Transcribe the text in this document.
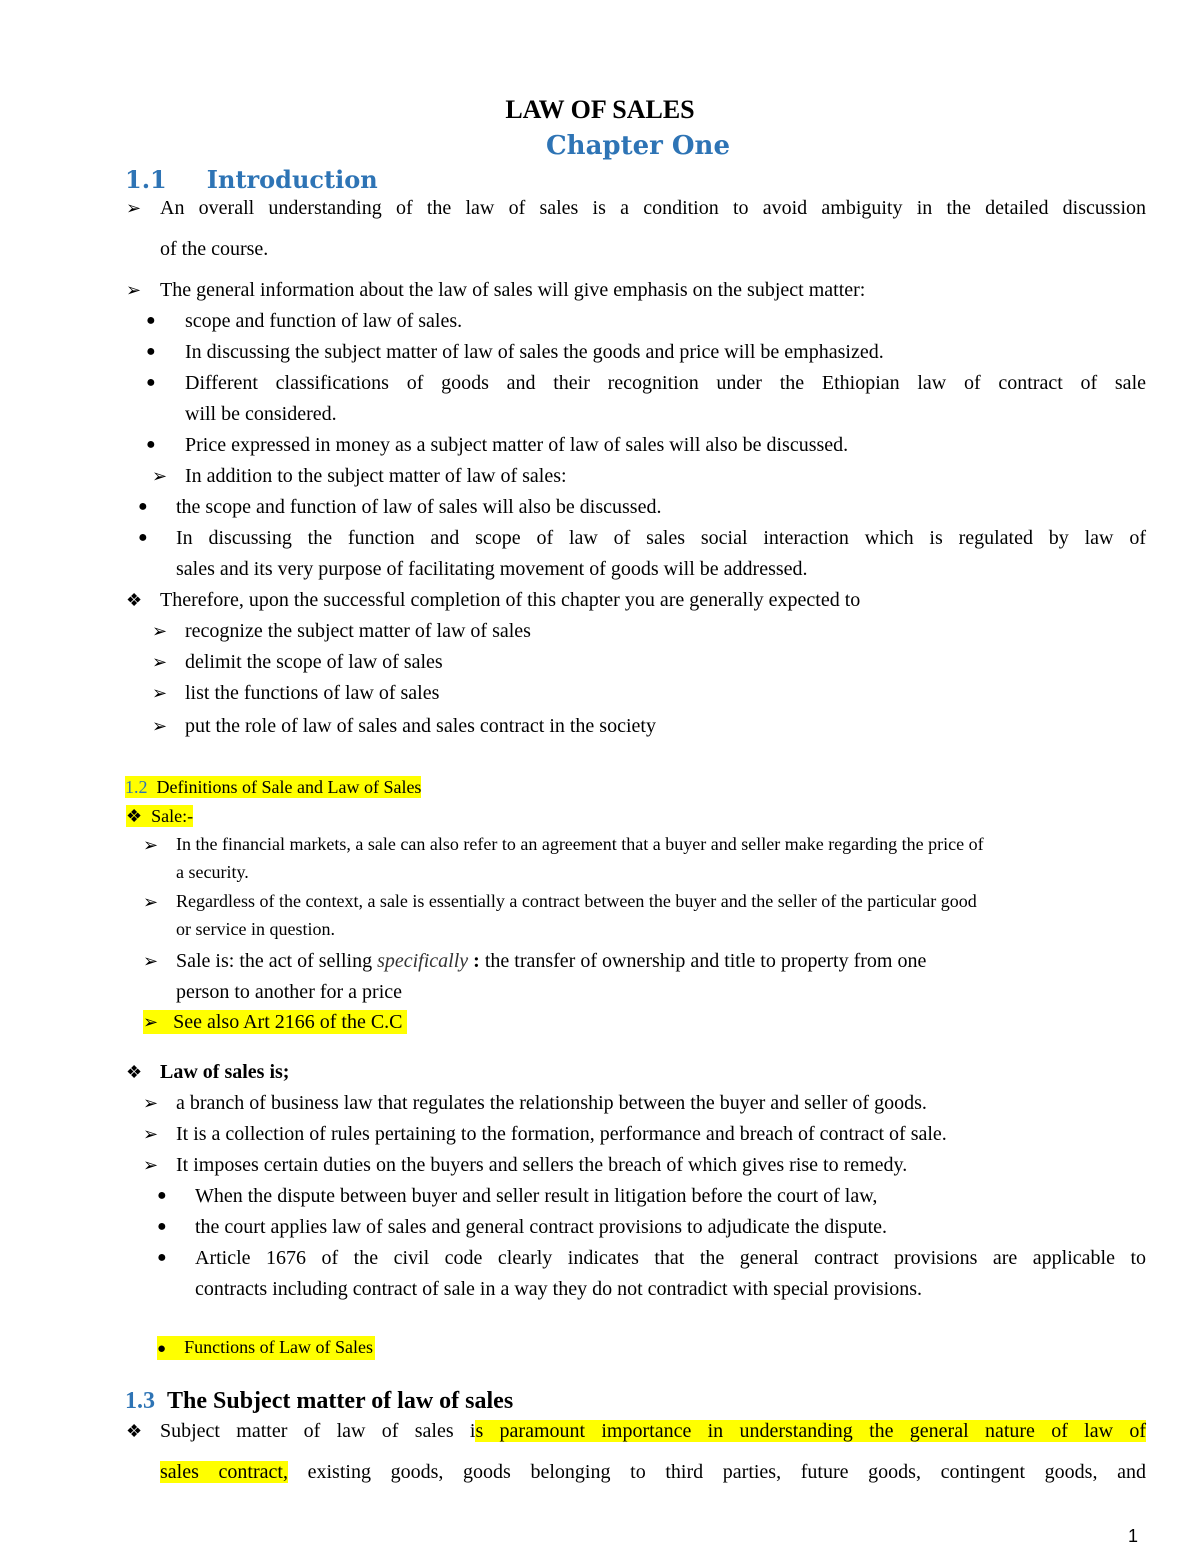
LAW OF SALES
Chapter One
1.1 Introduction
➢ An overall understanding of the law of sales is a condition to avoid ambiguity in the detailed discussion
of the course.
➢ The general information about the law of sales will give emphasis on the subject matter:
● scope and function of law of sales.
● In discussing the subject matter of law of sales the goods and price will be emphasized.
● Different classifications of goods and their recognition under the Ethiopian law of contract of sale
will be considered.
● Price expressed in money as a subject matter of law of sales will also be discussed.
➢ In addition to the subject matter of law of sales:
● the scope and function of law of sales will also be discussed.
● In discussing the function and scope of law of sales social interaction which is regulated by law of
sales and its very purpose of facilitating movement of goods will be addressed.
❖ Therefore, upon the successful completion of this chapter you are generally expected to
➢ recognize the subject matter of law of sales
➢ delimit the scope of law of sales
➢ list the functions of law of sales
➢ put the role of law of sales and sales contract in the society
1.2 Definitions of Sale and Law of Sales
❖ Sale:-
➢ In the financial markets, a sale can also refer to an agreement that a buyer and seller make regarding the price of
a security.
➢ Regardless of the context, a sale is essentially a contract between the buyer and the seller of the particular good
or service in question.
➢ Sale is: the act of selling specifically : the transfer of ownership and title to property from one
person to another for a price
➢ See also Art 2166 of the C.C
❖ Law of sales is;
➢ a branch of business law that regulates the relationship between the buyer and seller of goods.
➢ It is a collection of rules pertaining to the formation, performance and breach of contract of sale.
➢ It imposes certain duties on the buyers and sellers the breach of which gives rise to remedy.
● When the dispute between buyer and seller result in litigation before the court of law,
● the court applies law of sales and general contract provisions to adjudicate the dispute.
● Article 1676 of the civil code clearly indicates that the general contract provisions are applicable to
contracts including contract of sale in a way they do not contradict with special provisions.
● Functions of Law of Sales
1.3 The Subject matter of law of sales
❖ Subject matter of law of sales is paramount importance in understanding the general nature of law of
sales contract, existing goods, goods belonging to third parties, future goods, contingent goods, and
1
